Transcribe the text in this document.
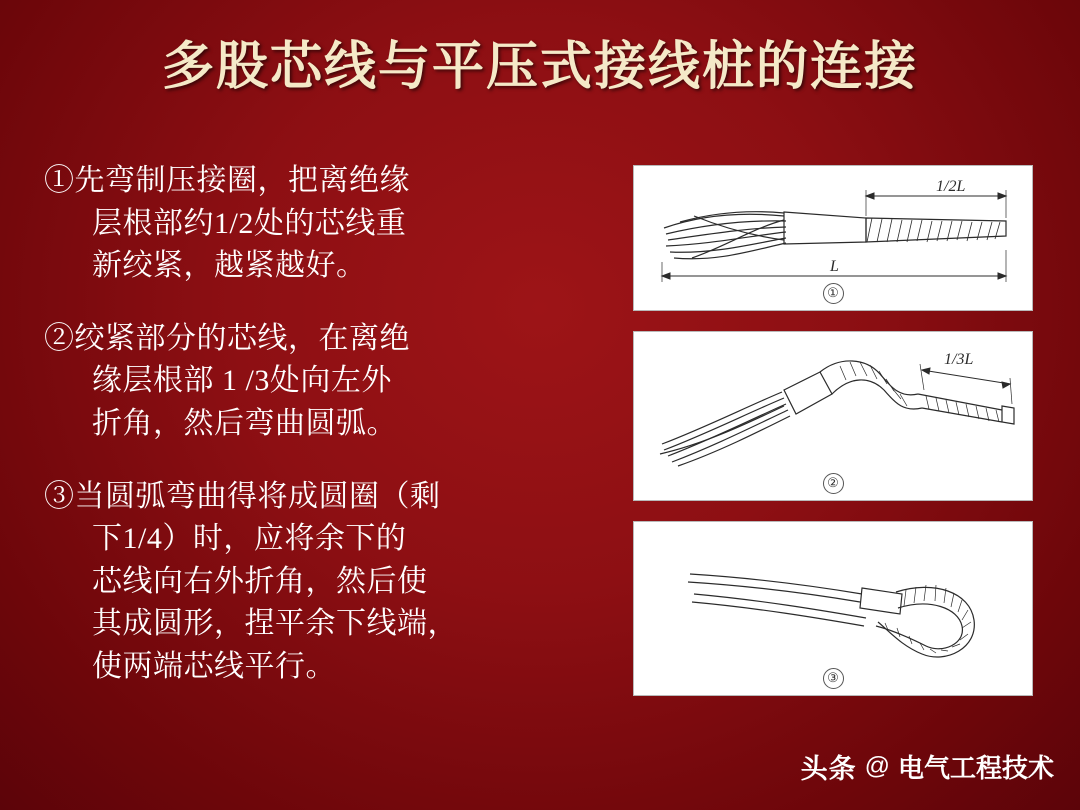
多股芯线与平压式接线桩的连接
①先弯制压接圈，把离绝缘
层根部约1/2处的芯线重
新绞紧，越紧越好。
②绞紧部分的芯线，在离绝
缘层根部 1 /3处向左外
折角，然后弯曲圆弧。
③当圆弧弯曲得将成圆圈（剩
下1/4）时，应将余下的
芯线向右外折角，然后使
其成圆形，捏平余下线端，
使两端芯线平行。
1/2L
L
①
1/3L
②
③
头条 @ 电气工程技术
